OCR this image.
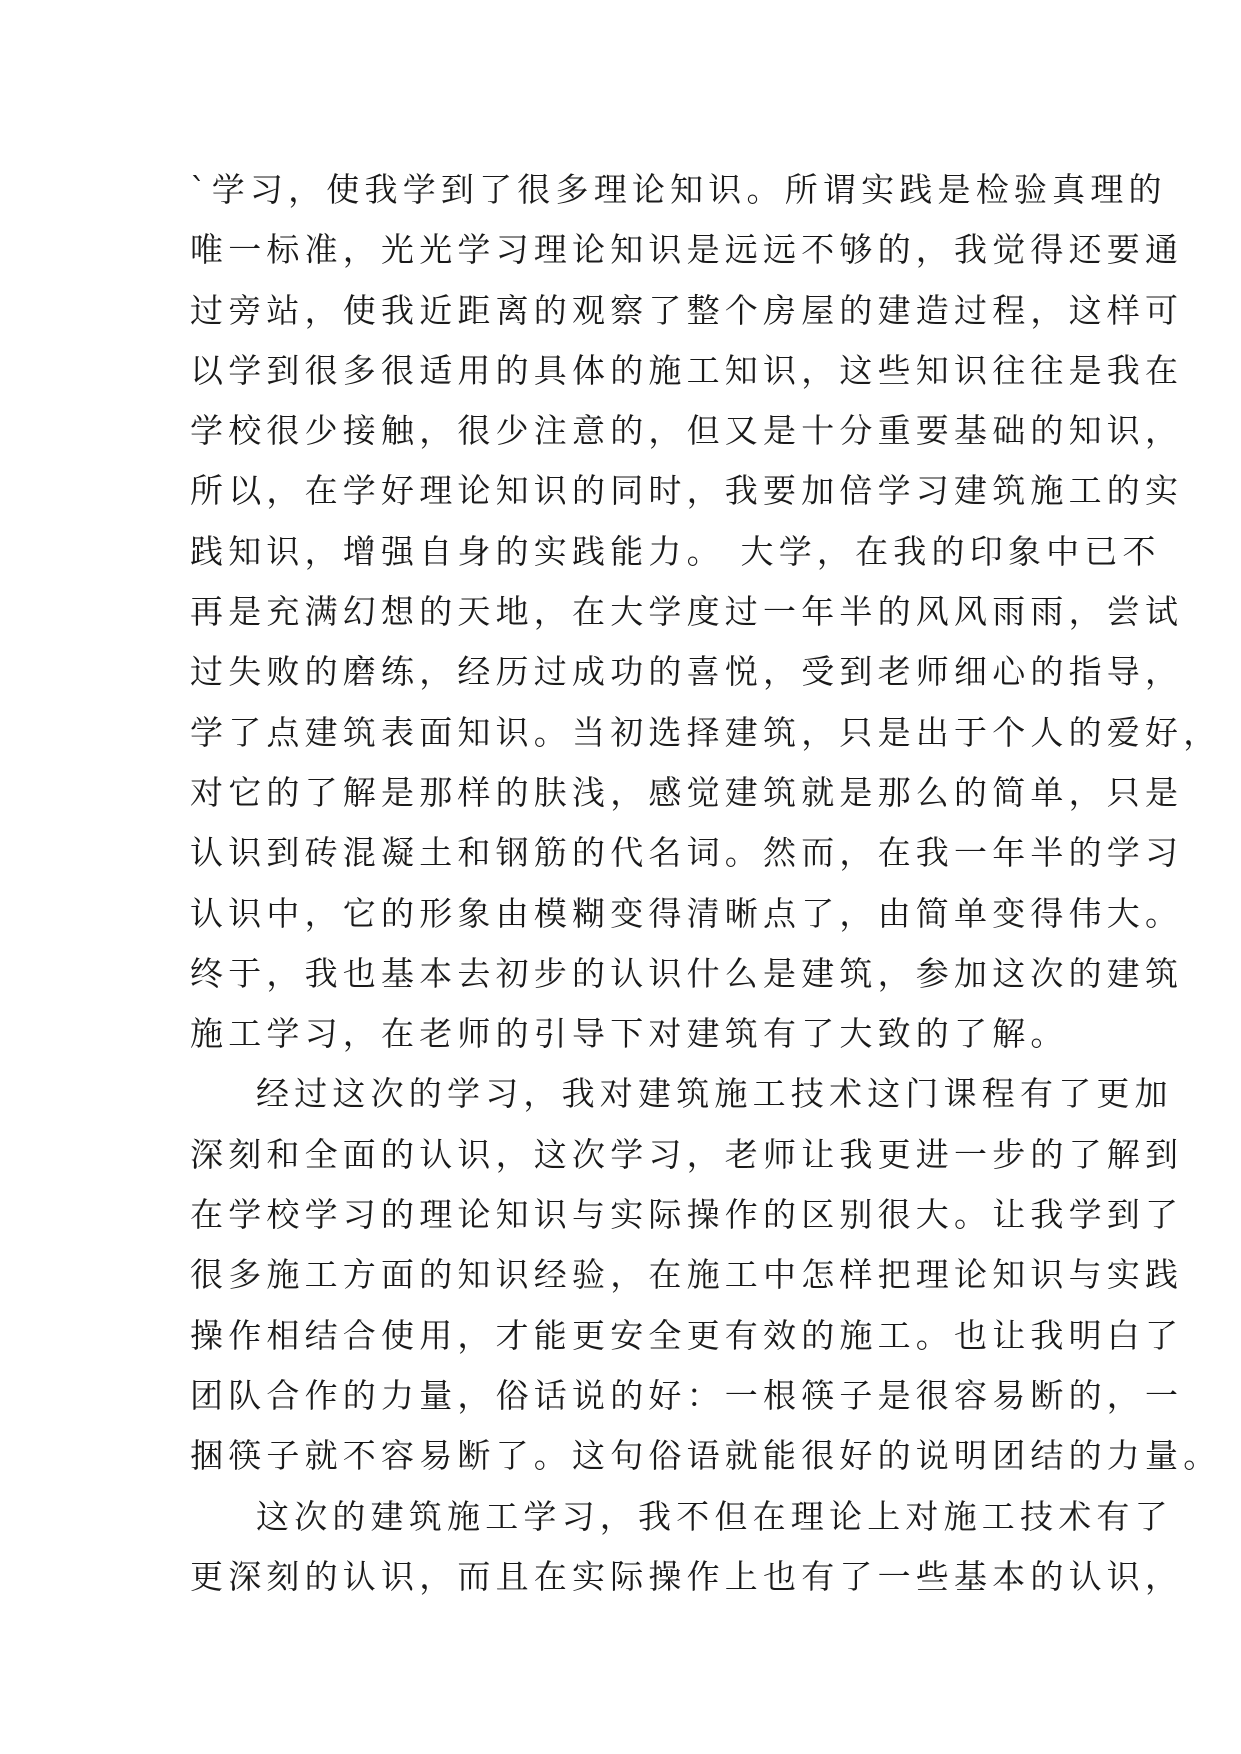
`学习，使我学到了很多理论知识。所谓实践是检验真理的
唯一标准，光光学习理论知识是远远不够的，我觉得还要通
过旁站，使我近距离的观察了整个房屋的建造过程，这样可
以学到很多很适用的具体的施工知识，这些知识往往是我在
学校很少接触，很少注意的，但又是十分重要基础的知识，
所以，在学好理论知识的同时，我要加倍学习建筑施工的实
践知识，增强自身的实践能力。 大学，在我的印象中已不
再是充满幻想的天地，在大学度过一年半的风风雨雨，尝试
过失败的磨练，经历过成功的喜悦，受到老师细心的指导，
学了点建筑表面知识。当初选择建筑，只是出于个人的爱好，
对它的了解是那样的肤浅，感觉建筑就是那么的简单，只是
认识到砖混凝土和钢筋的代名词。然而，在我一年半的学习
认识中，它的形象由模糊变得清晰点了，由简单变得伟大。
终于，我也基本去初步的认识什么是建筑，参加这次的建筑
施工学习，在老师的引导下对建筑有了大致的了解。
经过这次的学习，我对建筑施工技术这门课程有了更加
深刻和全面的认识，这次学习，老师让我更进一步的了解到
在学校学习的理论知识与实际操作的区别很大。让我学到了
很多施工方面的知识经验，在施工中怎样把理论知识与实践
操作相结合使用，才能更安全更有效的施工。也让我明白了
团队合作的力量，俗话说的好：一根筷子是很容易断的，一
捆筷子就不容易断了。这句俗语就能很好的说明团结的力量。
这次的建筑施工学习，我不但在理论上对施工技术有了
更深刻的认识，而且在实际操作上也有了一些基本的认识，
